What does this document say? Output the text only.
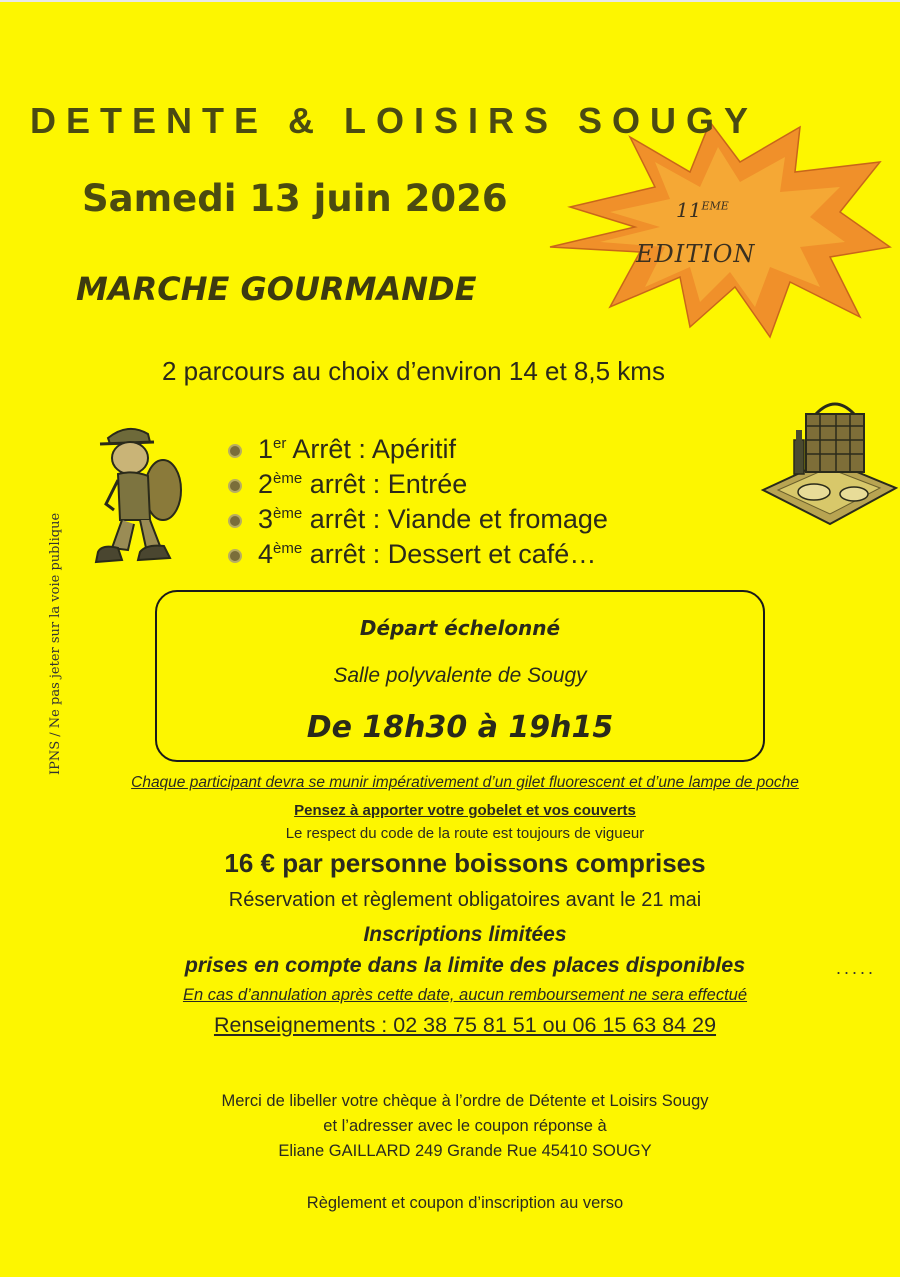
DETENTE & LOISIRS SOUGY
11EME
EDITION
Samedi 13 juin 2026
MARCHE GOURMANDE
2 parcours au choix d’environ 14 et 8,5 kms
1er Arrêt : Apéritif
2ème arrêt : Entrée
3ème arrêt : Viande et fromage
4ème arrêt : Dessert et café…
Départ échelonné
Salle polyvalente de Sougy
De 18h30 à 19h15
IPNS / Ne pas jeter sur la voie publique
Chaque participant devra se munir impérativement d’un gilet fluorescent et d’une lampe de poche
Pensez à apporter votre gobelet et vos couverts
Le respect du code de la route est toujours de vigueur
16 € par personne boissons comprises
Réservation et règlement obligatoires avant le 21 mai
Inscriptions limitées
prises en compte dans la limite des places disponibles	.....
En cas d’annulation après cette date, aucun remboursement ne sera effectué
Renseignements : 02 38 75 81 51 ou 06 15 63 84 29
Merci de libeller votre chèque à l’ordre de Détente et Loisirs Sougy
et l’adresser avec le coupon réponse à
Eliane GAILLARD 249 Grande Rue 45410 SOUGY
Règlement et coupon d’inscription au verso
